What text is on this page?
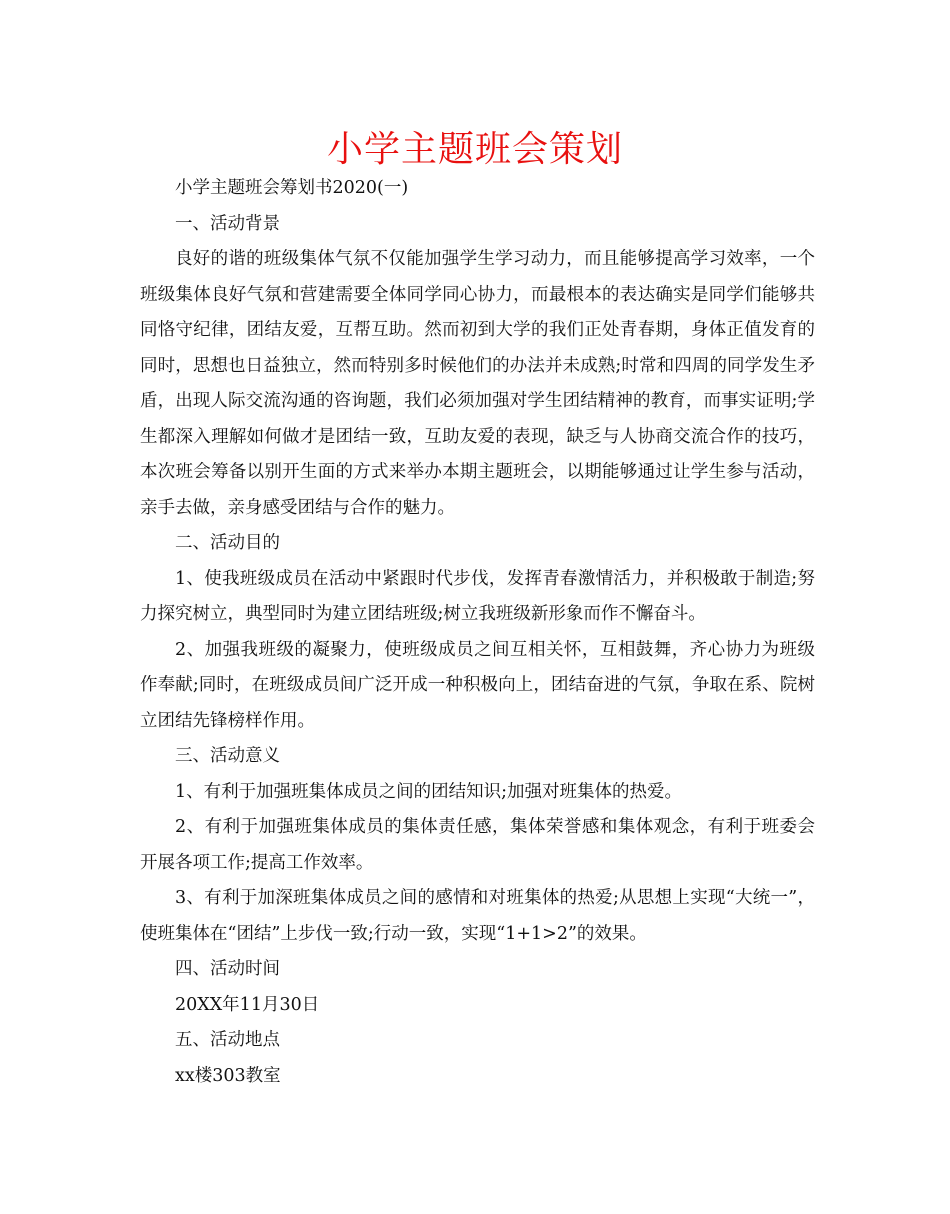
小学主题班会策划

小学主题班会筹划书2020(一)

一、活动背景

良好的谐的班级集体气氛不仅能加强学生学习动力，而且能够提高学习效率，一个班级集体良好气氛和营建需要全体同学同心协力，而最根本的表达确实是同学们能够共同恪守纪律，团结友爱，互帮互助。然而初到大学的我们正处青春期，身体正值发育的同时，思想也日益独立，然而特别多时候他们的办法并未成熟;时常和四周的同学发生矛盾，出现人际交流沟通的咨询题，我们必须加强对学生团结精神的教育，而事实证明;学生都深入理解如何做才是团结一致，互助友爱的表现，缺乏与人协商交流合作的技巧，本次班会筹备以别开生面的方式来举办本期主题班会，以期能够通过让学生参与活动，亲手去做，亲身感受团结与合作的魅力。

二、活动目的

1、使我班级成员在活动中紧跟时代步伐，发挥青春激情活力，并积极敢于制造;努力探究树立，典型同时为建立团结班级;树立我班级新形象而作不懈奋斗。

2、加强我班级的凝聚力，使班级成员之间互相关怀，互相鼓舞，齐心协力为班级作奉献;同时，在班级成员间广泛开成一种积极向上，团结奋进的气氛，争取在系、院树立团结先锋榜样作用。

三、活动意义

1、有利于加强班集体成员之间的团结知识;加强对班集体的热爱。

2、有利于加强班集体成员的集体责任感，集体荣誉感和集体观念，有利于班委会开展各项工作;提高工作效率。

3、有利于加深班集体成员之间的感情和对班集体的热爱;从思想上实现“大统一”，使班集体在“团结”上步伐一致;行动一致，实现“1+1>2”的效果。

四、活动时间

20XX年11月30日

五、活动地点

xx楼303教室
